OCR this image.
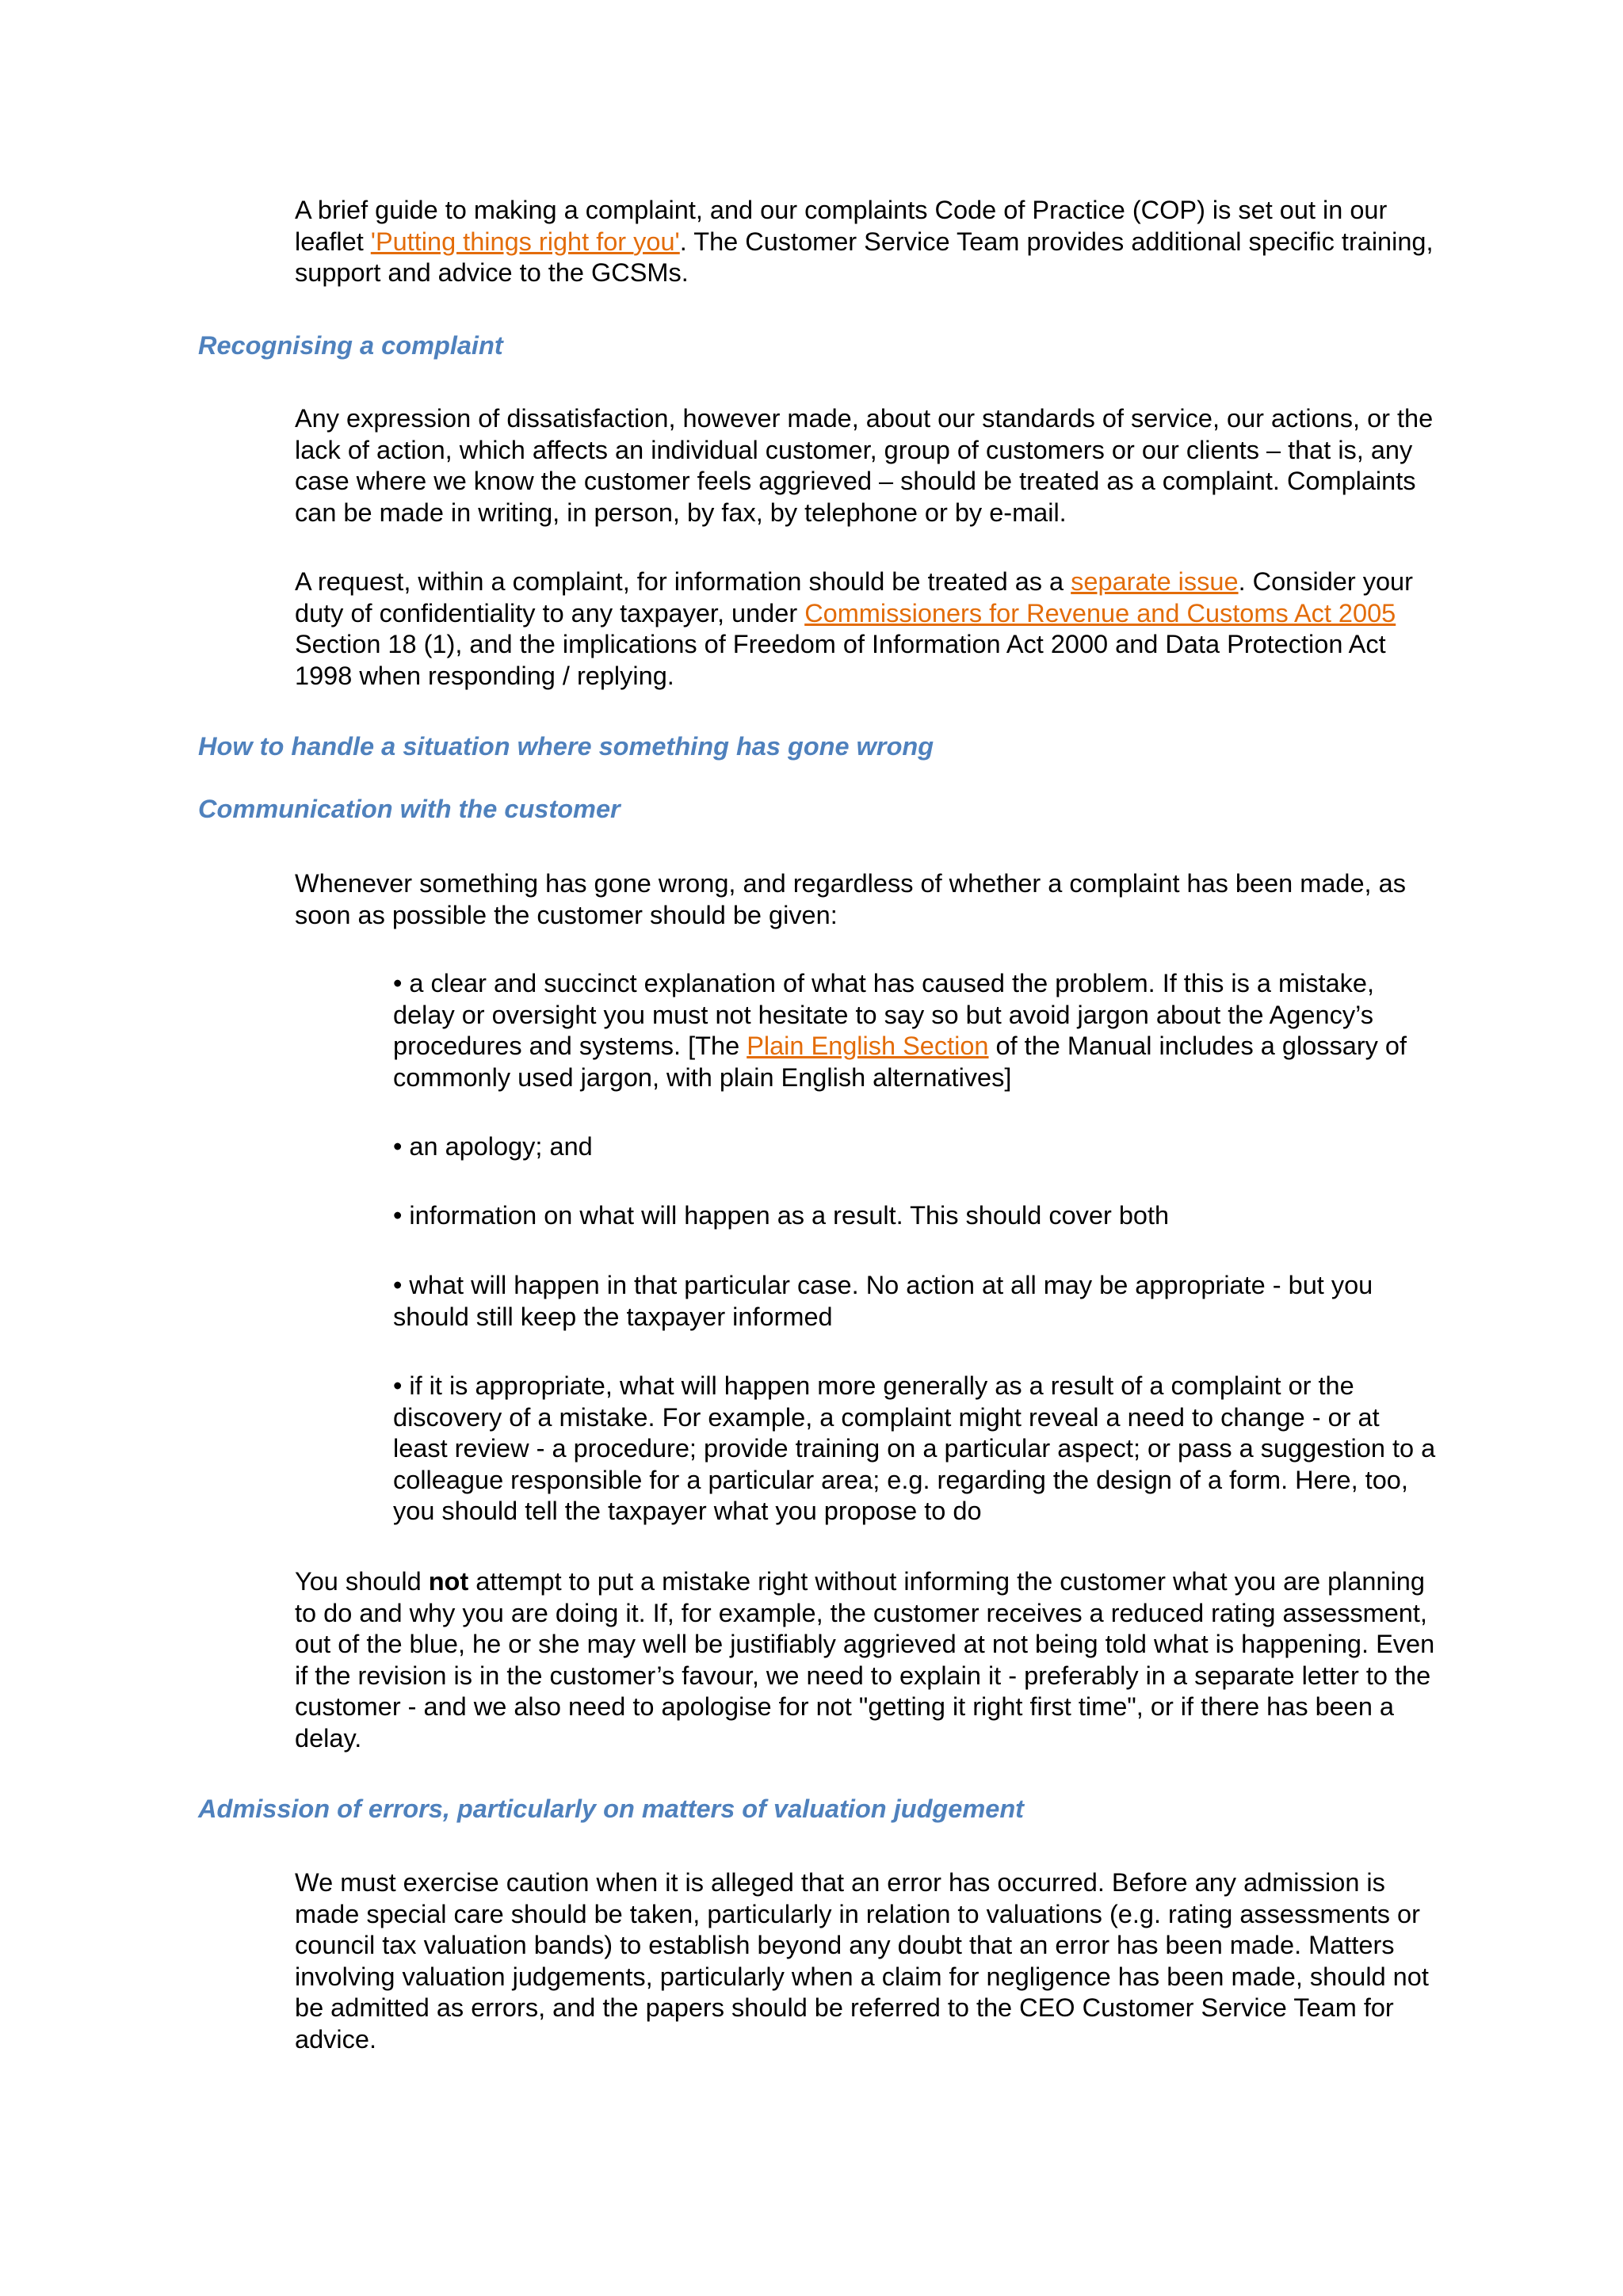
A brief guide to making a complaint, and our complaints Code of Practice (COP) is set out in our leaflet 'Putting things right for you'. The Customer Service Team provides additional specific training, support and advice to the GCSMs.

Recognising a complaint

Any expression of dissatisfaction, however made, about our standards of service, our actions, or the lack of action, which affects an individual customer, group of customers or our clients – that is, any case where we know the customer feels aggrieved – should be treated as a complaint. Complaints can be made in writing, in person, by fax, by telephone or by e-mail.

A request, within a complaint, for information should be treated as a separate issue. Consider your duty of confidentiality to any taxpayer, under Commissioners for Revenue and Customs Act 2005 Section 18 (1), and the implications of Freedom of Information Act 2000 and Data Protection Act 1998 when responding / replying.

How to handle a situation where something has gone wrong
Communication with the customer

Whenever something has gone wrong, and regardless of whether a complaint has been made, as soon as possible the customer should be given:

• a clear and succinct explanation of what has caused the problem. If this is a mistake, delay or oversight you must not hesitate to say so but avoid jargon about the Agency’s procedures and systems. [The Plain English Section of the Manual includes a glossary of commonly used jargon, with plain English alternatives]

• an apology; and

• information on what will happen as a result. This should cover both

• what will happen in that particular case. No action at all may be appropriate - but you should still keep the taxpayer informed

• if it is appropriate, what will happen more generally as a result of a complaint or the discovery of a mistake. For example, a complaint might reveal a need to change - or at least review - a procedure; provide training on a particular aspect; or pass a suggestion to a colleague responsible for a particular area; e.g. regarding the design of a form. Here, too, you should tell the taxpayer what you propose to do

You should not attempt to put a mistake right without informing the customer what you are planning to do and why you are doing it. If, for example, the customer receives a reduced rating assessment, out of the blue, he or she may well be justifiably aggrieved at not being told what is happening. Even if the revision is in the customer’s favour, we need to explain it - preferably in a separate letter to the customer - and we also need to apologise for not "getting it right first time", or if there has been a delay.

Admission of errors, particularly on matters of valuation judgement

We must exercise caution when it is alleged that an error has occurred. Before any admission is made special care should be taken, particularly in relation to valuations (e.g. rating assessments or council tax valuation bands) to establish beyond any doubt that an error has been made. Matters involving valuation judgements, particularly when a claim for negligence has been made, should not be admitted as errors, and the papers should be referred to the CEO Customer Service Team for advice.
